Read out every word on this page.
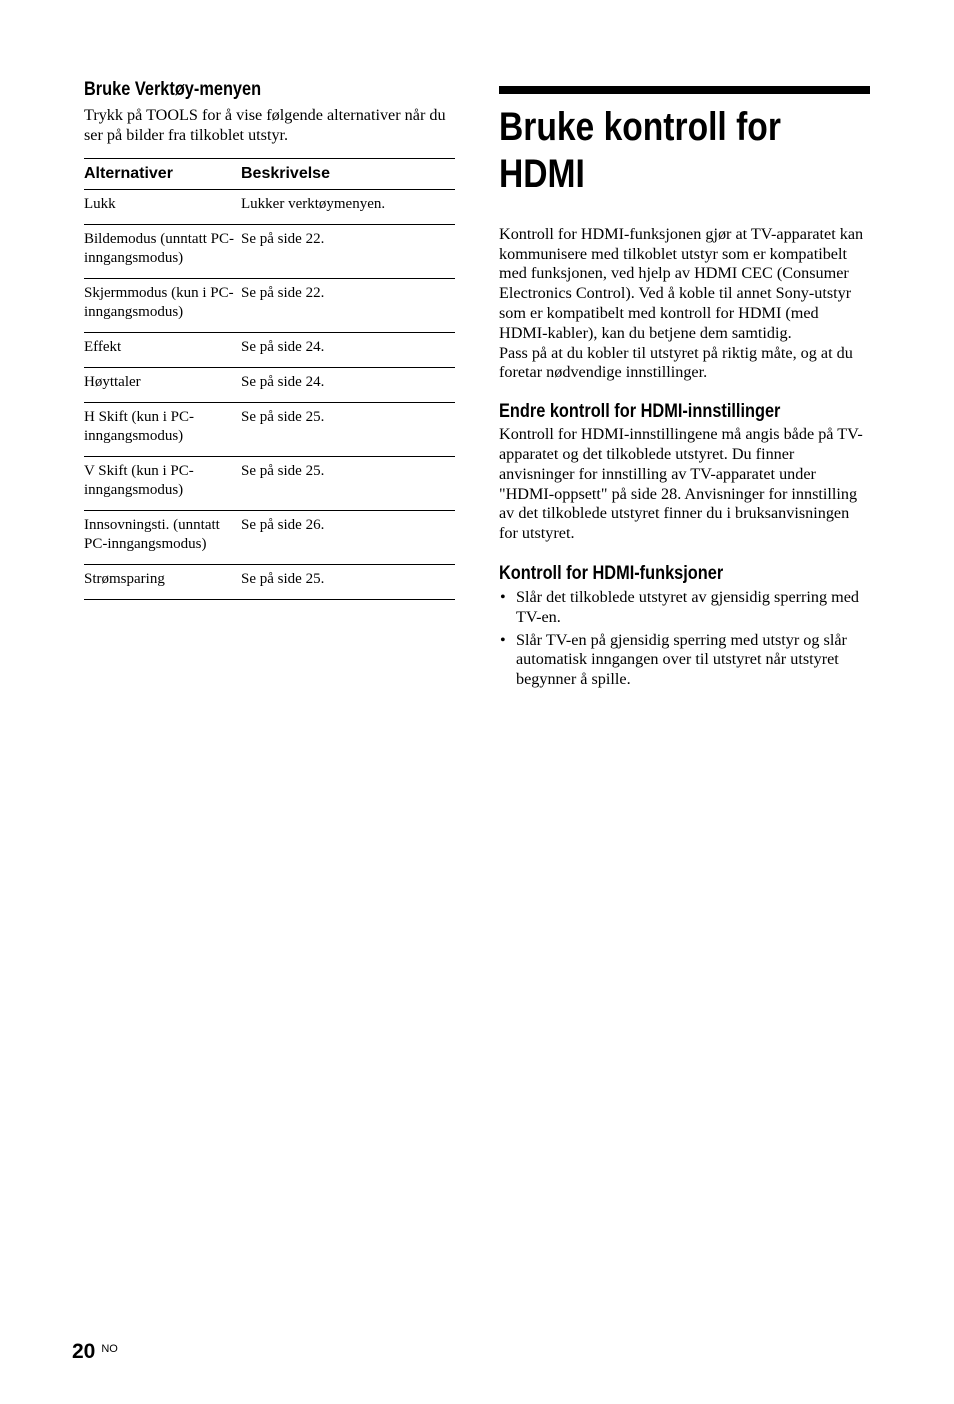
Bruke Verktøy-menyen

Trykk på TOOLS for å vise følgende alternativer når du ser på bilder fra tilkoblet utstyr.

Alternativer	Beskrivelse
Lukk	Lukker verktøymenyen.
Bildemodus (unntatt PC-inngangsmodus)	Se på side 22.
Skjermmodus (kun i PC-inngangsmodus)	Se på side 22.
Effekt	Se på side 24.
Høyttaler	Se på side 24.
H Skift (kun i PC-inngangsmodus)	Se på side 25.
V Skift (kun i PC-inngangsmodus)	Se på side 25.
Innsovningsti. (unntatt PC-inngangsmodus)	Se på side 26.
Strømsparing	Se på side 25.
Bruke kontroll for
HDMI

Kontroll for HDMI-funksjonen gjør at TV-apparatet kan kommunisere med tilkoblet utstyr som er kompatibelt med funksjonen, ved hjelp av HDMI CEC (Consumer Electronics Control). Ved å koble til annet Sony-utstyr som er kompatibelt med kontroll for HDMI (med HDMI-kabler), kan du betjene dem samtidig.

Pass på at du kobler til utstyret på riktig måte, og at du foretar nødvendige innstillinger.

Endre kontroll for HDMI-innstillinger

Kontroll for HDMI-innstillingene må angis både på TV-apparatet og det tilkoblede utstyret. Du finner anvisninger for innstilling av TV-apparatet under "HDMI-oppsett" på side 28. Anvisninger for innstilling av det tilkoblede utstyret finner du i bruksanvisningen for utstyret.

Kontroll for HDMI-funksjoner
• Slår det tilkoblede utstyret av gjensidig sperring med TV-en.
• Slår TV-en på gjensidig sperring med utstyr og slår automatisk inngangen over til utstyret når utstyret begynner å spille.
20 $^{NO}$
